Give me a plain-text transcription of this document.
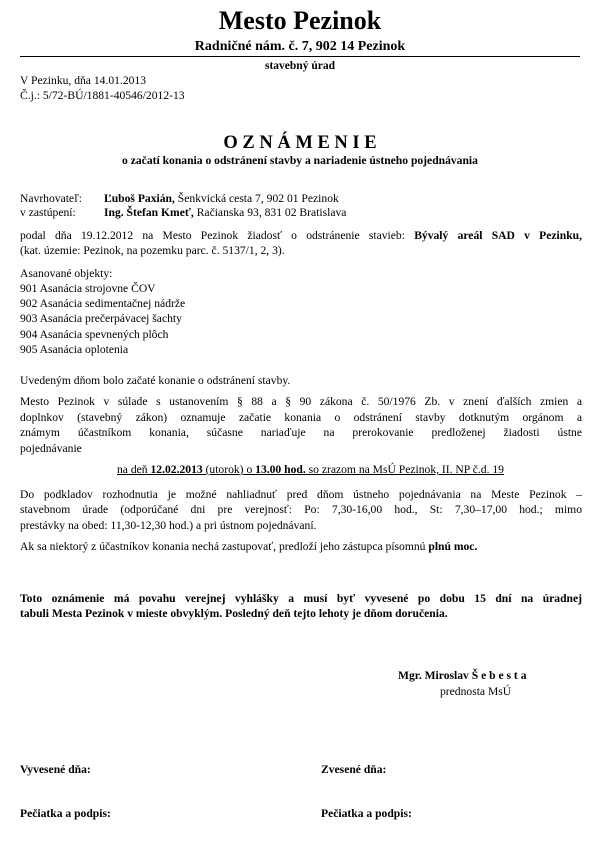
Mesto Pezinok
Radničné nám. č. 7, 902 14 Pezinok
stavebný úrad
V Pezinku, dňa 14.01.2013
Č.j.: 5/72-BÚ/1881-40546/2012-13
O Z N Á M E N I E
o začatí konania o odstránení stavby a nariadenie ústneho pojednávania
Navrhovateľ: Ľuboš Paxián, Šenkvická cesta 7, 902 01 Pezinok
v zastúpení: Ing. Štefan Kmeť, Račianska 93, 831 02 Bratislava
podal dňa 19.12.2012 na Mesto Pezinok žiadosť o odstránenie stavieb: Bývalý areál SAD v Pezinku,
(kat. územie: Pezinok, na pozemku parc. č. 5137/1, 2, 3).
Asanované objekty:
901 Asanácia strojovne ČOV
902 Asanácia sedimentačnej nádrže
903 Asanácia prečerpávacej šachty
904 Asanácia spevnených plôch
905 Asanácia oplotenia
Uvedeným dňom bolo začaté konanie o odstránení stavby.
Mesto Pezinok v súlade s ustanovením § 88 a § 90 zákona č. 50/1976 Zb. v znení ďalších zmien a
doplnkov (stavebný zákon) oznamuje začatie konania o odstránení stavby dotknutým orgánom a
známym účastníkom konania, súčasne nariaďuje na prerokovanie predloženej žiadosti ústne
pojednávanie
na deň 12.02.2013 (utorok) o 13.00 hod. so zrazom na MsÚ Pezinok, II. NP č.d. 19
Do podkladov rozhodnutia je možné nahliadnuť pred dňom ústneho pojednávania na Meste Pezinok –
stavebnom úrade (odporúčané dni pre verejnosť: Po: 7,30-16,00 hod., St: 7,30–17,00 hod.; mimo
prestávky na obed: 11,30-12,30 hod.) a pri ústnom pojednávaní.
Ak sa niektorý z účastníkov konania nechá zastupovať, predloží jeho zástupca písomnú plnú moc.
Toto oznámenie má povahu verejnej vyhlášky a musí byť vyvesené po dobu 15 dní na úradnej
tabuli Mesta Pezinok v mieste obvyklým. Posledný deň tejto lehoty je dňom doručenia.
Mgr. Miroslav Š e b e s t a
prednosta MsÚ
Vyvesené dňa:	Zvesené dňa:
Pečiatka a podpis:	Pečiatka a podpis:
